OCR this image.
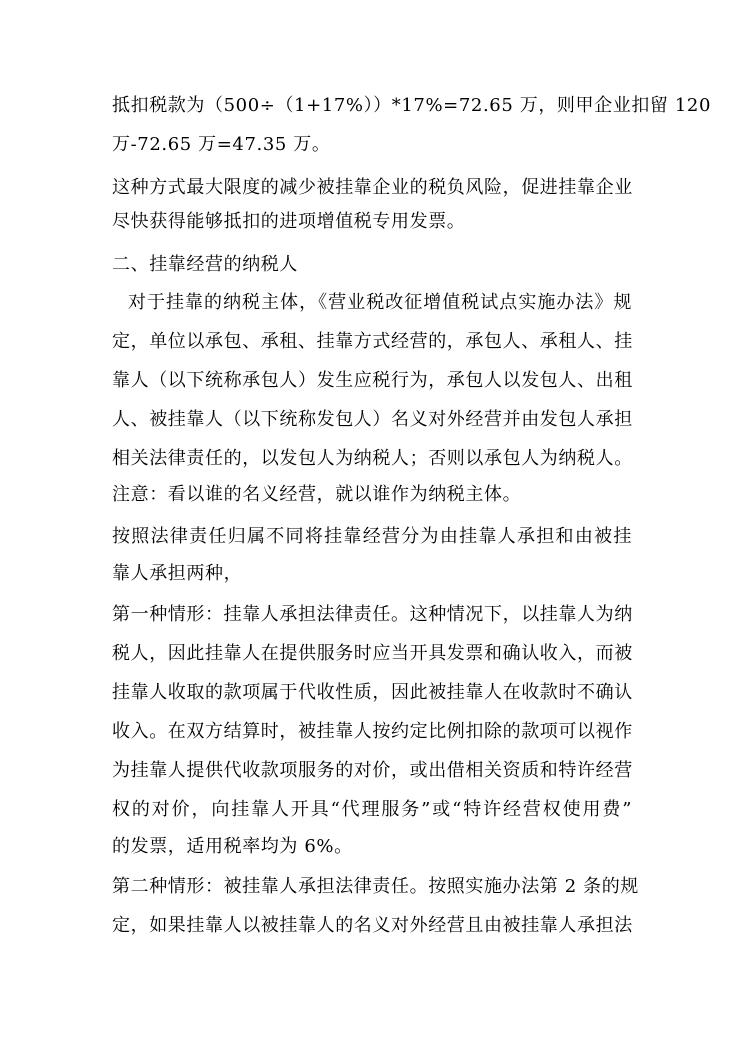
抵扣税款为（500÷（1+17%））*17%=72.65 万，则甲企业扣留 120
万-72.65 万=47.35 万。
这种方式最大限度的减少被挂靠企业的税负风险，促进挂靠企业
尽快获得能够抵扣的进项增值税专用发票。
二、挂靠经营的纳税人
对于挂靠的纳税主体，《营业税改征增值税试点实施办法》规
定，单位以承包、承租、挂靠方式经营的，承包人、承租人、挂
靠人（以下统称承包人）发生应税行为，承包人以发包人、出租
人、被挂靠人（以下统称发包人）名义对外经营并由发包人承担
相关法律责任的，以发包人为纳税人；否则以承包人为纳税人。
注意：看以谁的名义经营，就以谁作为纳税主体。
按照法律责任归属不同将挂靠经营分为由挂靠人承担和由被挂
靠人承担两种，
第一种情形：挂靠人承担法律责任。这种情况下，以挂靠人为纳
税人，因此挂靠人在提供服务时应当开具发票和确认收入，而被
挂靠人收取的款项属于代收性质，因此被挂靠人在收款时不确认
收入。在双方结算时，被挂靠人按约定比例扣除的款项可以视作
为挂靠人提供代收款项服务的对价，或出借相关资质和特许经营
权的对价，向挂靠人开具“代理服务”或“特许经营权使用费”
的发票，适用税率均为 6%。
第二种情形：被挂靠人承担法律责任。按照实施办法第 2 条的规
定，如果挂靠人以被挂靠人的名义对外经营且由被挂靠人承担法
